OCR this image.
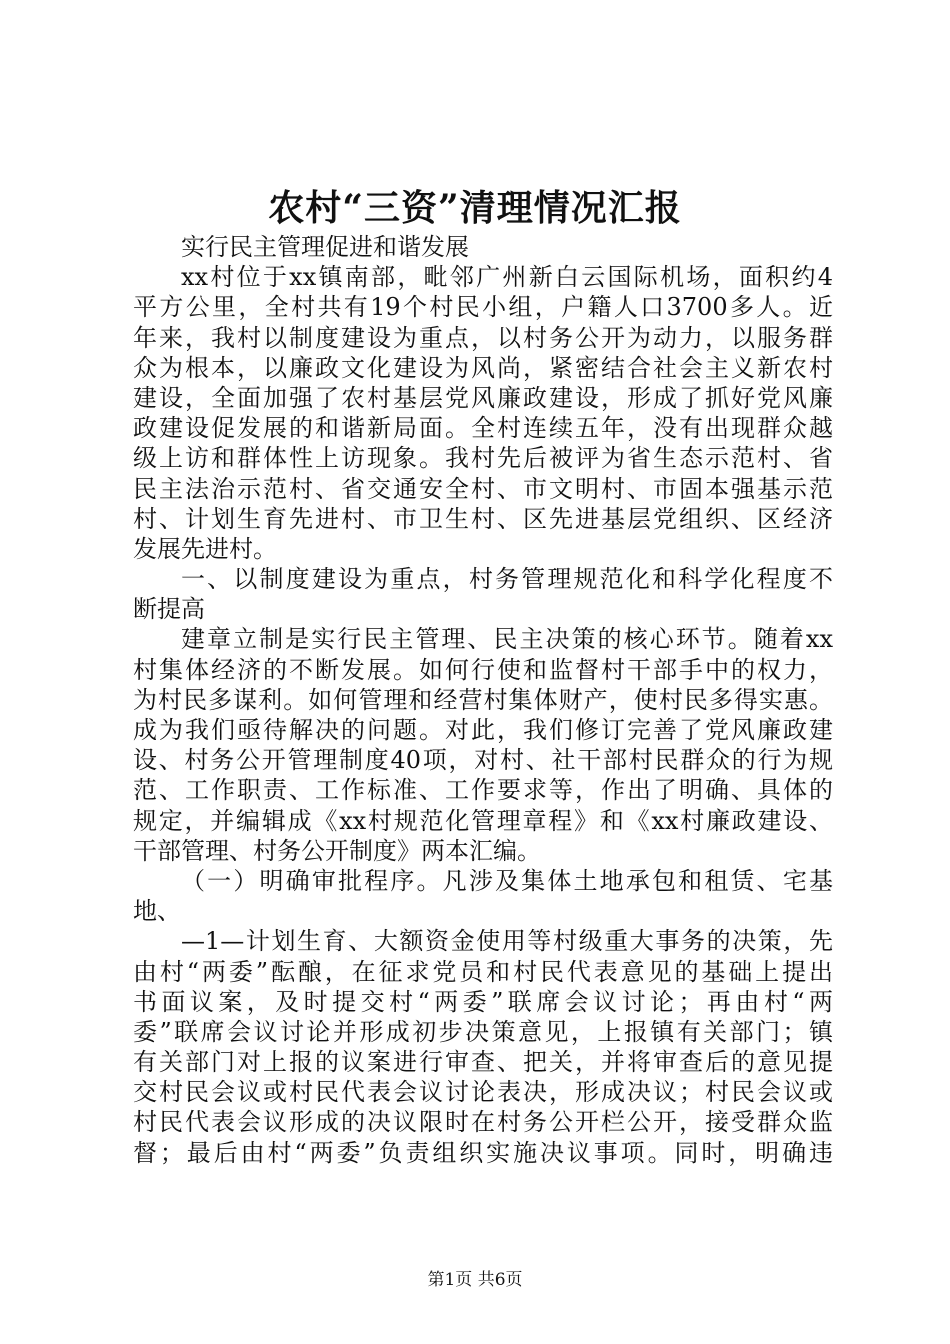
农村“三资”清理情况汇报
实行民主管理促进和谐发展
xx村位于xx镇南部，毗邻广州新白云国际机场，面积约4
平方公里，全村共有19个村民小组，户籍人口3700多人。近
年来，我村以制度建设为重点，以村务公开为动力，以服务群
众为根本，以廉政文化建设为风尚，紧密结合社会主义新农村
建设，全面加强了农村基层党风廉政建设，形成了抓好党风廉
政建设促发展的和谐新局面。全村连续五年，没有出现群众越
级上访和群体性上访现象。我村先后被评为省生态示范村、省
民主法治示范村、省交通安全村、市文明村、市固本强基示范
村、计划生育先进村、市卫生村、区先进基层党组织、区经济
发展先进村。
一、以制度建设为重点，村务管理规范化和科学化程度不
断提高
建章立制是实行民主管理、民主决策的核心环节。随着xx
村集体经济的不断发展。如何行使和监督村干部手中的权力，
为村民多谋利。如何管理和经营村集体财产，使村民多得实惠。
成为我们亟待解决的问题。对此，我们修订完善了党风廉政建
设、村务公开管理制度40项，对村、社干部村民群众的行为规
范、工作职责、工作标准、工作要求等，作出了明确、具体的
规定，并编辑成《xx村规范化管理章程》和《xx村廉政建设、
干部管理、村务公开制度》两本汇编。
（一）明确审批程序。凡涉及集体土地承包和租赁、宅基
地、
—1—计划生育、大额资金使用等村级重大事务的决策，先
由村“两委”酝酿，在征求党员和村民代表意见的基础上提出
书面议案，及时提交村“两委”联席会议讨论；再由村“两
委”联席会议讨论并形成初步决策意见，上报镇有关部门；镇
有关部门对上报的议案进行审查、把关，并将审查后的意见提
交村民会议或村民代表会议讨论表决，形成决议；村民会议或
村民代表会议形成的决议限时在村务公开栏公开，接受群众监
督；最后由村“两委”负责组织实施决议事项。同时，明确违
第1页 共6页
